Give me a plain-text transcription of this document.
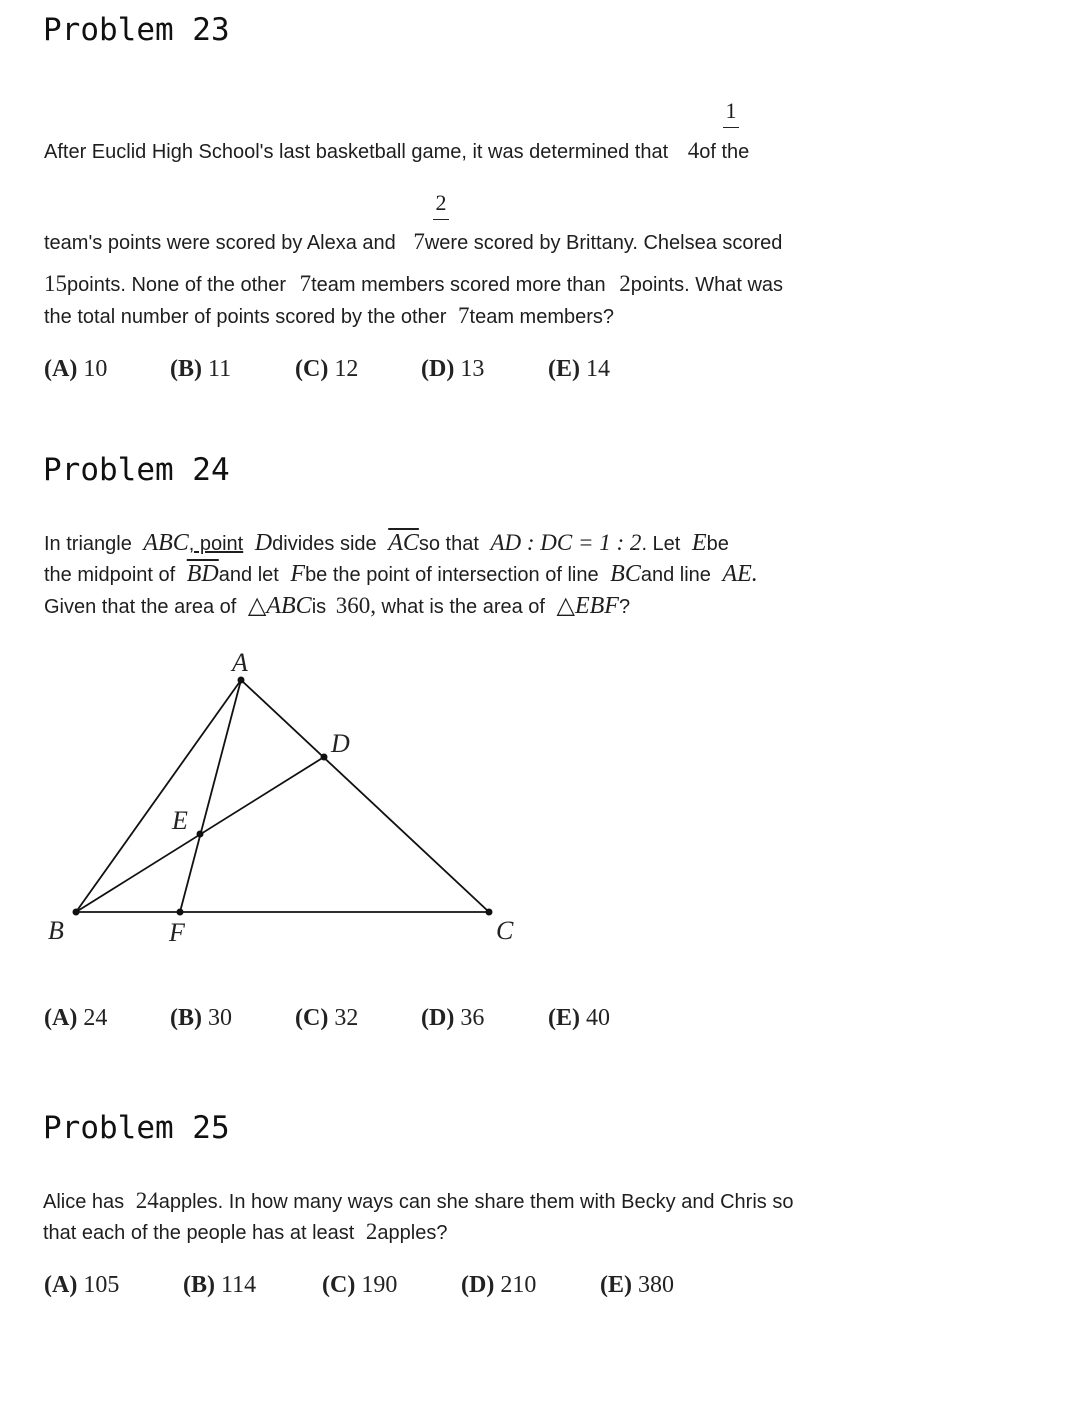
Problem 23
1
After Euclid High School's last basketball game, it was determined that 4of the
2
team's points were scored by Alexa and 7were scored by Brittany. Chelsea scored
15points. None of the other 7team members scored more than 2points. What was
the total number of points scored by the other 7team members?
(A) 10	(B) 11	(C) 12	(D) 13	(E) 14
Problem 24
In triangle ABC, point Ddivides side $\overline{AC}so$ that AD : DC = 1 : 2. Let Ebe
the midpoint of $\overline{BD}and$ let Fbe the point of intersection of line BCand line AE.
Given that the area of △ABCis 360, what is the area of △EBF?
A
B	C
D
E
F
(A) 24	(B) 30	(C) 32	(D) 36	(E) 40
Problem 25
Alice has 24apples. In how many ways can she share them with Becky and Chris so
that each of the people has at least 2apples?
(A) 105	(B) 114	(C) 190	(D) 210	(E) 380
